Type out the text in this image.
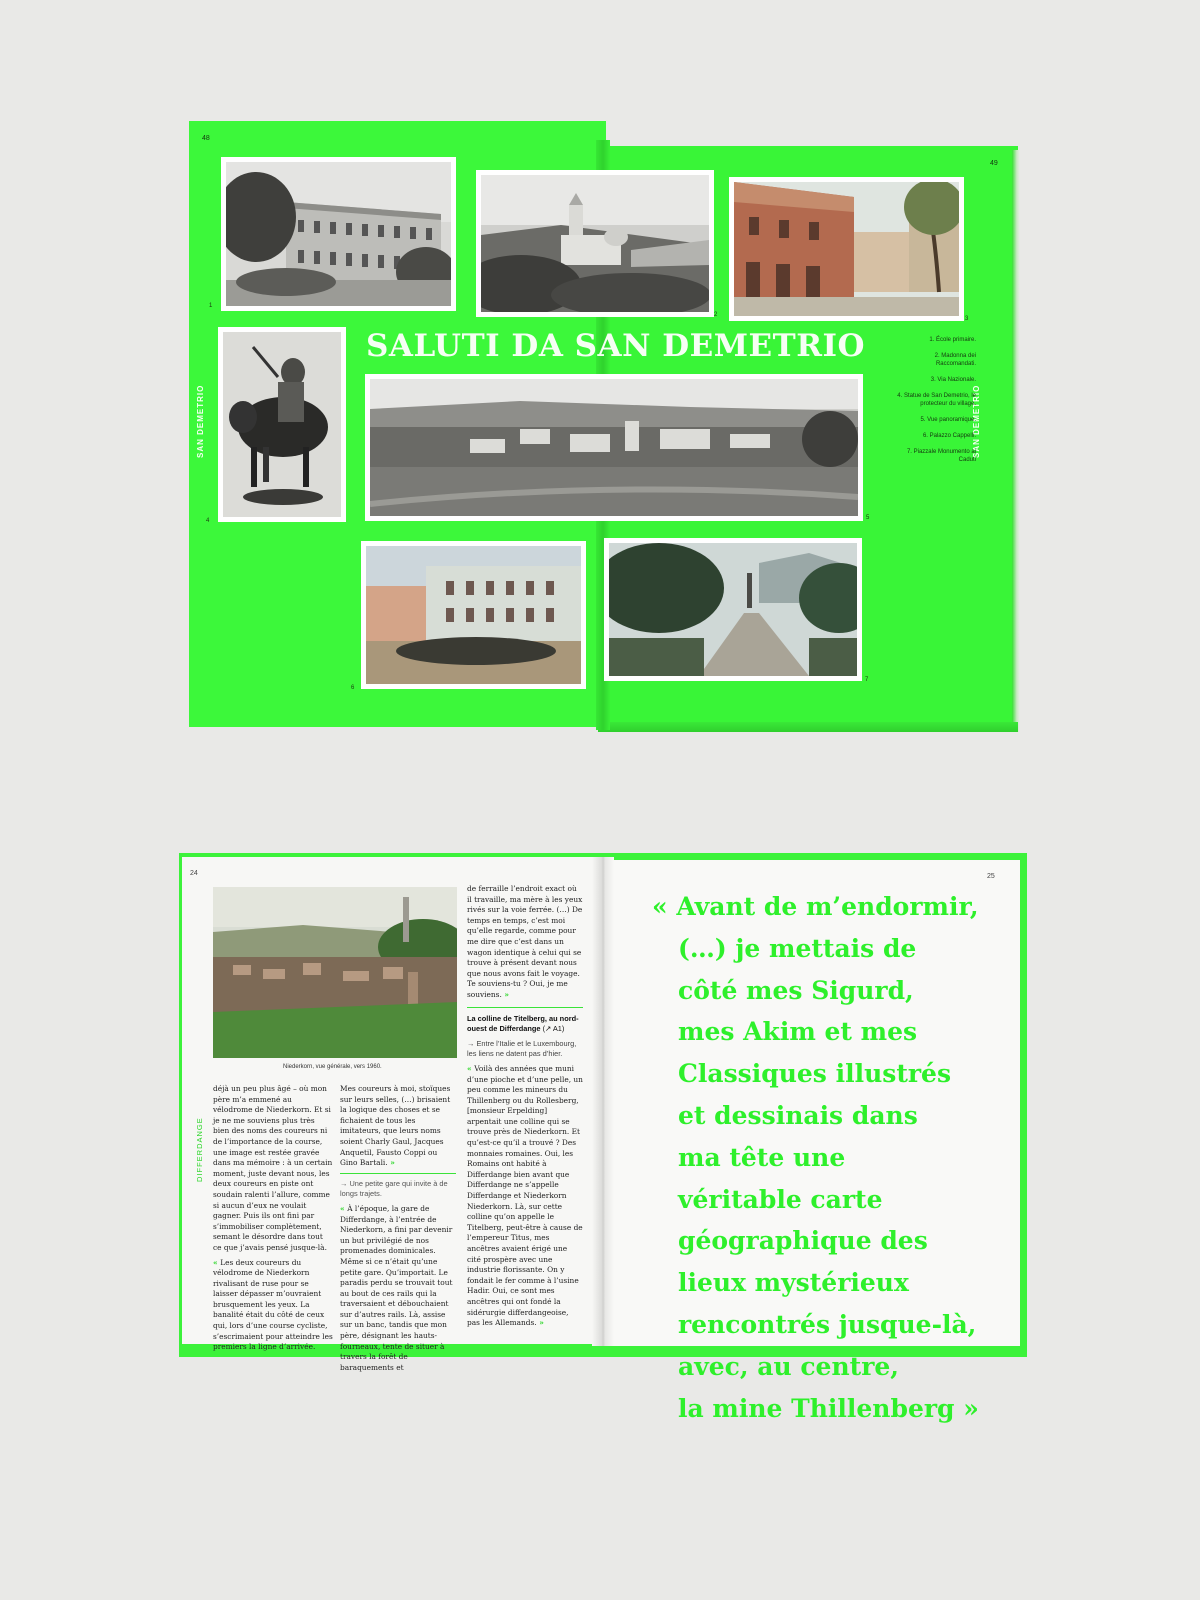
48
49
1
2
3
4	5
6
7
SALUTI DA SAN DEMETRIO
SAN DEMETRIO	SAN DEMETRIO
1. École primaire.
2. Madonna dei Raccomandati.
3. Via Nazionale.
4. Statue de San Demetrio, le protecteur du village.
5. Vue panoramique.
6. Palazzo Cappelli.
7. Piazzale Monumento ai Caduti
24	25
Niederkorn, vue générale, vers 1960.
DIFFERDANGE

déjà un peu plus âgé – où mon père m’a emmené au vélodrome de Niederkorn. Et si je ne me souviens plus très bien des noms des coureurs ni de l’importance de la course, une image est restée gravée dans ma mémoire : à un certain moment, juste devant nous, les deux coureurs en piste ont soudain ralenti l’allure, comme si aucun d’eux ne voulait gagner. Puis ils ont fini par s’immobiliser complètement, semant le désordre dans tout ce que j’avais pensé jusque-là.

« Les deux coureurs du vélodrome de Niederkorn rivalisant de ruse pour se laisser dépasser m’ouvraient brusquement les yeux. La banalité était du côté de ceux qui, lors d’une course cycliste, s’escrimaient pour atteindre les premiers la ligne d’arrivée.

Mes coureurs à moi, stoïques sur leurs selles, (…) brisaient la logique des choses et se fichaient de tous les imitateurs, que leurs noms soient Charly Gaul, Jacques Anquetil, Fausto Coppi ou Gino Bartali. »

→ Une petite gare qui invite à de longs trajets.

« À l’époque, la gare de Differdange, à l’entrée de Niederkorn, a fini par devenir un but privilégié de nos promenades dominicales. Même si ce n’était qu’une petite gare. Qu’importait. Le paradis perdu se trouvait tout au bout de ces rails qui la traversaient et débouchaient sur d’autres rails. Là, assise sur un banc, tandis que mon père, désignant les hauts-fourneaux, tente de situer à travers la forêt de baraquements et

de ferraille l’endroit exact où il travaille, ma mère à les yeux rivés sur la voie ferrée. (…) De temps en temps, c’est moi qu’elle regarde, comme pour me dire que c’est dans un wagon identique à celui qui se trouve à présent devant nous que nous avons fait le voyage. Te souviens-tu ? Oui, je me souviens. »

La colline de Titelberg, au nord-ouest de Differdange (↗ A1)

→ Entre l’Italie et le Luxembourg, les liens ne datent pas d’hier.

« Voilà des années que muni d’une pioche et d’une pelle, un peu comme les mineurs du Thillenberg ou du Rollesberg, [monsieur Erpelding] arpentait une colline qui se trouve près de Niederkorn. Et qu’est-ce qu’il a trouvé ? Des monnaies romaines. Oui, les Romains ont habité à Differdange bien avant que Differdange ne s’appelle Differdange et Niederkorn Niederkorn. Là, sur cette colline qu’on appelle le Titelberg, peut-être à cause de l’empereur Titus, mes ancêtres avaient érigé une cité prospère avec une industrie florissante. On y fondait le fer comme à l’usine Hadir. Oui, ce sont mes ancêtres qui ont fondé la sidérurgie differdangeoise, pas les Allemands. »

« Avant de m’endormir,
(…) je mettais de
côté mes Sigurd,
mes Akim et mes
Classiques illustrés
et dessinais dans
ma tête une
véritable carte
géographique des
lieux mystérieux
rencontrés jusque-là,
avec, au centre,
la mine Thillenberg »
